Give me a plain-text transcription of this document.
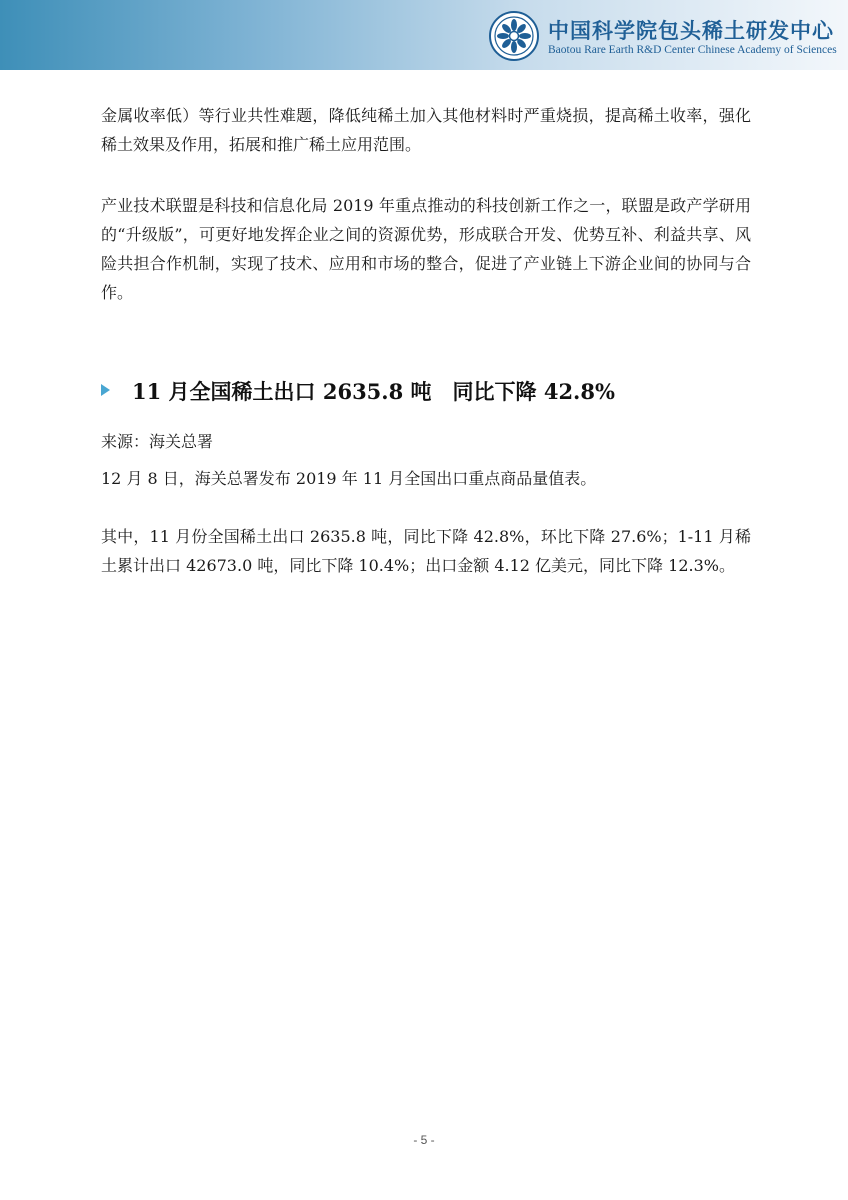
中国科学院包头稀土研发中心
Baotou Rare Earth R&D Center Chinese Academy of Sciences

金属收率低）等行业共性难题，降低纯稀土加入其他材料时严重烧损，提高稀土收率，强化稀土效果及作用，拓展和推广稀土应用范围。

产业技术联盟是科技和信息化局 2019 年重点推动的科技创新工作之一，联盟是政产学研用的“升级版”，可更好地发挥企业之间的资源优势，形成联合开发、优势互补、利益共享、风险共担合作机制，实现了技术、应用和市场的整合，促进了产业链上下游企业间的协同与合作。

11 月全国稀土出口 2635.8 吨　同比下降 42.8%
来源：海关总署

12 月 8 日，海关总署发布 2019 年 11 月全国出口重点商品量值表。

其中，11 月份全国稀土出口 2635.8 吨，同比下降 42.8%，环比下降 27.6%；1-11 月稀土累计出口 42673.0 吨，同比下降 10.4%；出口金额 4.12 亿美元，同比下降 12.3%。

- 5 -
